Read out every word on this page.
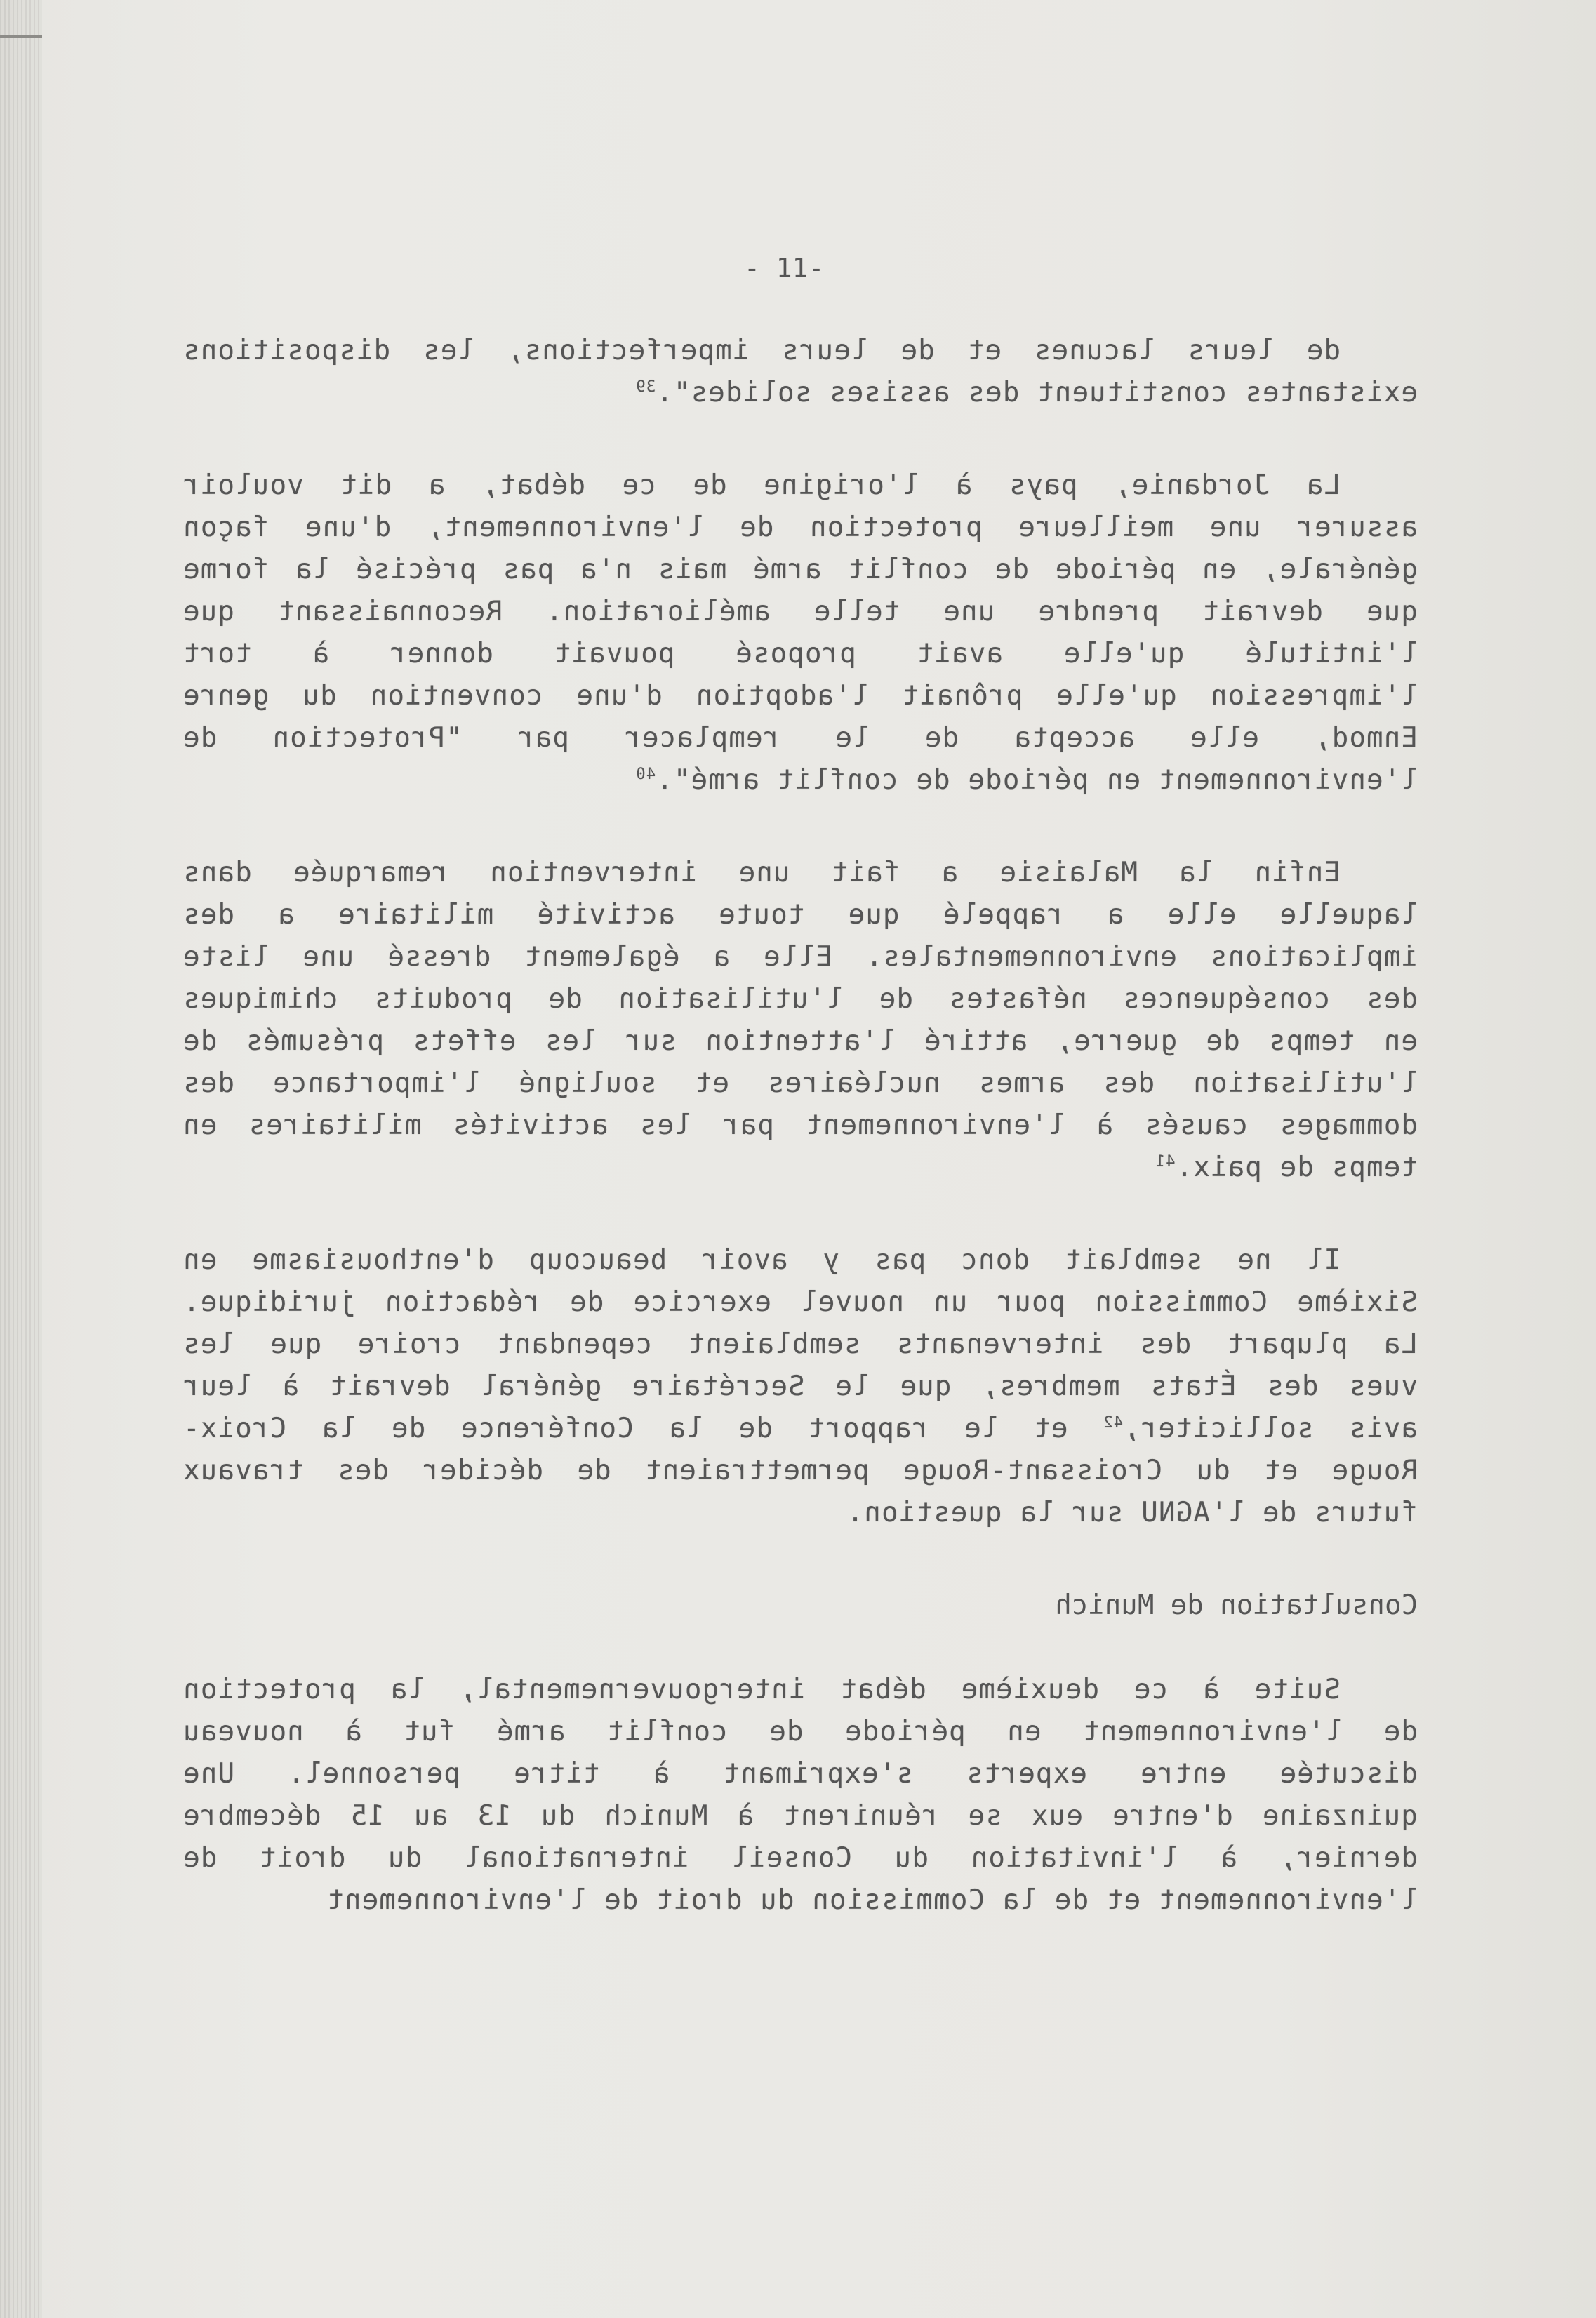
- 11-
de leurs lacunes et de leurs imperfections, les dispositions
existantes constituent des assises solides".$^{39}$
La Jordanie, pays à l'origine de ce débat, a dit vouloir
assurer une meilleure protection de l'environnement, d'une façon
générale, en période de conflit armé mais n'a pas précisé la forme
que devrait prendre une telle amélioration. Reconnaissant que
l'intitulé qu'elle avait proposé pouvait donner à tort
l'impression qu'elle prônait l'adoption d'une convention du genre
Enmod, elle accepta de le remplacer par "Protection de
l'environnement en période de conflit armé".$^{40}$
Enfin la Malaisie a fait une intervention remarquée dans
laquelle elle a rappelé que toute activité militaire a des
implications environnementales. Elle a également dressé une liste
des conséquences néfastes de l'utilisation de produits chimiques
en temps de guerre, attiré l'attention sur les effets présumés de
l'utilisation des armes nucléaires et souligné l'importance des
dommages causés à l'environnement par les activités militaires en
temps de paix.$^{41}$
Il ne semblait donc pas y avoir beaucoup d'enthousiasme en
Sixième Commission pour un nouvel exercice de rédaction juridique.
La plupart des intervenants semblaient cependant croire que les
vues des États membres, que le Secrétaire général devrait à leur
avis solliciter,$^{42}$ et le rapport de la Conférence de la Croix-
Rouge et du Croissant-Rouge permettraient de décider des travaux
futurs de l'AGNU sur la question.
Consultation de Munich
Suite à ce deuxième débat intergouvernemental, la protection
de l'environnement en période de conflit armé fut à nouveau
discutée entre experts s'exprimant à titre personnel. Une
quinzaine d'entre eux se réunirent à Munich du 13 au 15 décembre
dernier, à l'invitation du Conseil international du droit de
l'environnement et de la Commission du droit de l'environnement
